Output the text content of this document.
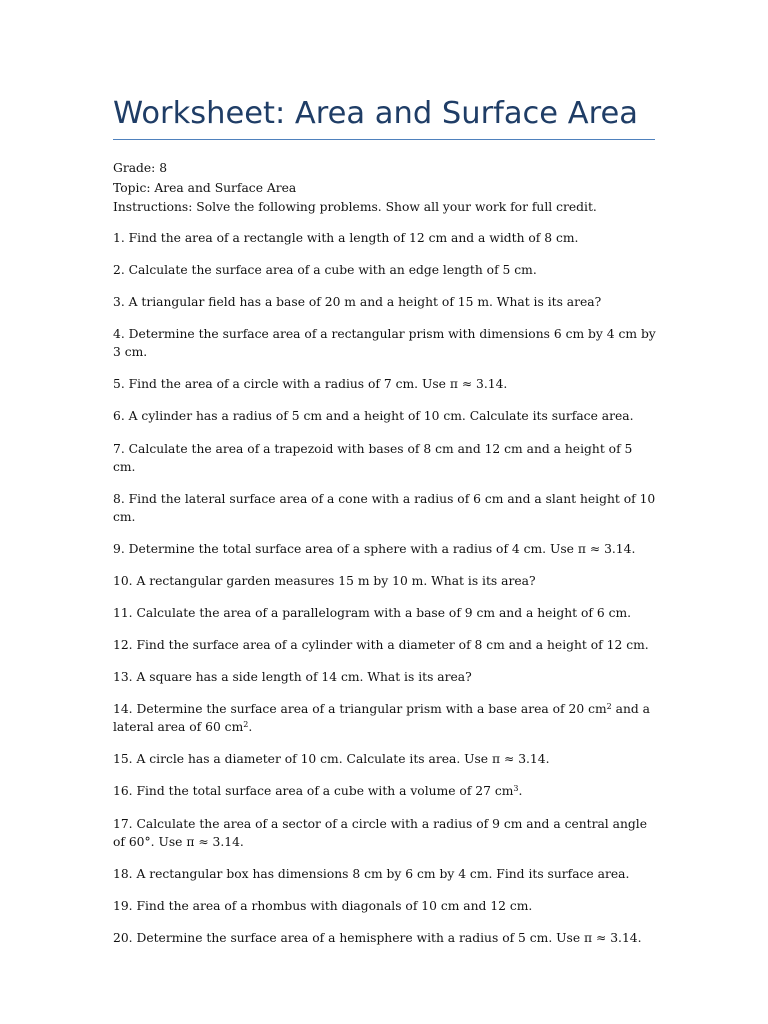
Worksheet: Area and Surface Area
Grade: 8
Topic: Area and Surface Area
Instructions: Solve the following problems. Show all your work for full credit.
1. Find the area of a rectangle with a length of 12 cm and a width of 8 cm.
2. Calculate the surface area of a cube with an edge length of 5 cm.
3. A triangular field has a base of 20 m and a height of 15 m. What is its area?
4. Determine the surface area of a rectangular prism with dimensions 6 cm by 4 cm by 3 cm.
5. Find the area of a circle with a radius of 7 cm. Use π ≈ 3.14.
6. A cylinder has a radius of 5 cm and a height of 10 cm. Calculate its surface area.
7. Calculate the area of a trapezoid with bases of 8 cm and 12 cm and a height of 5 cm.
8. Find the lateral surface area of a cone with a radius of 6 cm and a slant height of 10 cm.
9. Determine the total surface area of a sphere with a radius of 4 cm. Use π ≈ 3.14.
10. A rectangular garden measures 15 m by 10 m. What is its area?
11. Calculate the area of a parallelogram with a base of 9 cm and a height of 6 cm.
12. Find the surface area of a cylinder with a diameter of 8 cm and a height of 12 cm.
13. A square has a side length of 14 cm. What is its area?
14. Determine the surface area of a triangular prism with a base area of 20 $cm^2$ and a lateral area of 60 $cm^2$.
15. A circle has a diameter of 10 cm. Calculate its area. Use π ≈ 3.14.
16. Find the total surface area of a cube with a volume of 27 $cm^3$.
17. Calculate the area of a sector of a circle with a radius of 9 cm and a central angle of 60°. Use π ≈ 3.14.
18. A rectangular box has dimensions 8 cm by 6 cm by 4 cm. Find its surface area.
19. Find the area of a rhombus with diagonals of 10 cm and 12 cm.
20. Determine the surface area of a hemisphere with a radius of 5 cm. Use π ≈ 3.14.
